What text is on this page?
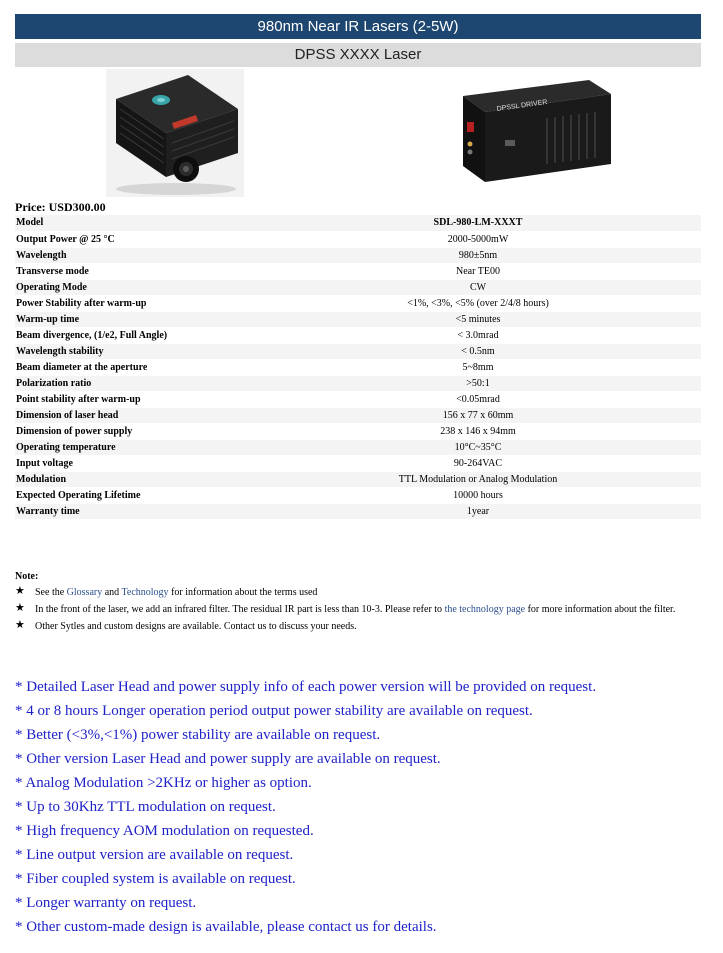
980nm Near IR Lasers (2-5W)
DPSS XXXX Laser
DPSSL DRIVER
Price: USD300.00
Model	SDL-980-LM-XXXT
Output Power @ 25 °C	2000-5000mW
Wavelength	980±5nm
Transverse mode	Near TE00
Operating Mode	CW
Power Stability after warm-up	<1%, <3%, <5% (over 2/4/8 hours)
Warm-up time	<5 minutes
Beam divergence, (1/e2, Full Angle)	< 3.0mrad
Wavelength stability	< 0.5nm
Beam diameter at the aperture	5~8mm
Polarization ratio	>50:1
Point stability after warm-up	<0.05mrad
Dimension of laser head	156 x 77 x 60mm
Dimension of power supply	238 x 146 x 94mm
Operating temperature	10°C~35°C
Input voltage	90-264VAC
Modulation	TTL Modulation or Analog Modulation
Expected Operating Lifetime	10000 hours
Warranty time	1year
Note:
★ See the Glossary and Technology for information about the terms used
★ In the front of the laser, we add an infrared filter. The residual IR part is less than 10-3. Please refer to the technology page for more information about the filter.
★ Other Sytles and custom designs are available. Contact us to discuss your needs.
* Detailed Laser Head and power supply info of each power version will be provided on request.
* 4 or 8 hours Longer operation period output power stability are available on request.
* Better (<3%,<1%) power stability are available on request.
* Other version Laser Head and power supply are available on request.
* Analog Modulation >2KHz or higher as option.
* Up to 30Khz TTL modulation on request.
* High frequency AOM modulation on requested.
* Line output version are available on request.
* Fiber coupled system is available on request.
* Longer warranty on request.
* Other custom-made design is available, please contact us for details.
